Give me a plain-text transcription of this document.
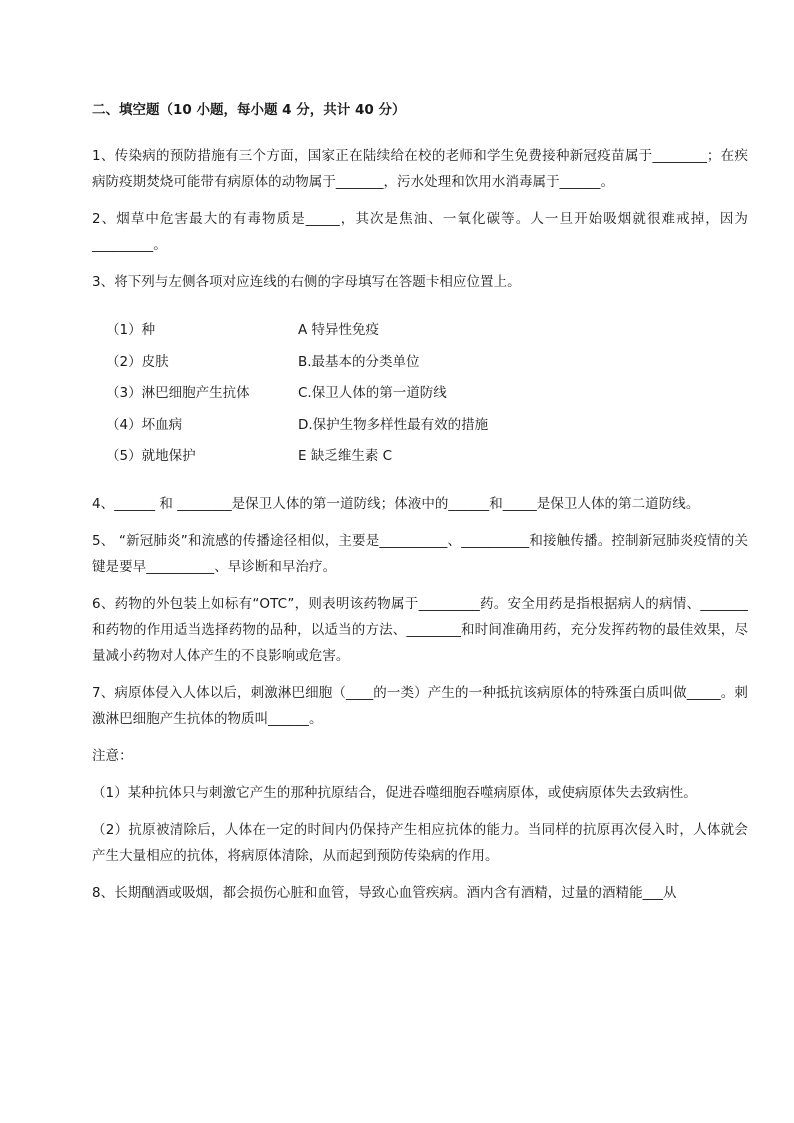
二、填空题（10 小题，每小题 4 分，共计 40 分）
1、传染病的预防措施有三个方面，国家正在陆续给在校的老师和学生免费接种新冠疫苗属于________；在疾病防疫期焚烧可能带有病原体的动物属于_______，污水处理和饮用水消毒属于______。
2、烟草中危害最大的有毒物质是_____，其次是焦油、一氧化碳等。人一旦开始吸烟就很难戒掉，因为_________。
3、将下列与左侧各项对应连线的右侧的字母填写在答题卡相应位置上。
（1）种	A 特异性免疫
（2）皮肤	B.最基本的分类单位
（3）淋巴细胞产生抗体	C.保卫人体的第一道防线
（4）坏血病	D.保护生物多样性最有效的措施
（5）就地保护	E 缺乏维生素 C
4、______ 和 ________是保卫人体的第一道防线；体液中的______和_____是保卫人体的第二道防线。
5、 “新冠肺炎”和流感的传播途径相似，主要是__________、__________和接触传播。控制新冠肺炎疫情的关键是要早__________、早诊断和早治疗。
6、药物的外包装上如标有“OTC”，则表明该药物属于_________药。安全用药是指根据病人的病情、_______和药物的作用适当选择药物的品种，以适当的方法、________和时间准确用药，充分发挥药物的最佳效果，尽量减小药物对人体产生的不良影响或危害。
7、病原体侵入人体以后，刺激淋巴细胞（____的一类）产生的一种抵抗该病原体的特殊蛋白质叫做_____。刺激淋巴细胞产生抗体的物质叫______。
注意：
（1）某种抗体只与刺激它产生的那种抗原结合，促进吞噬细胞吞噬病原体，或使病原体失去致病性。
（2）抗原被清除后，人体在一定的时间内仍保持产生相应抗体的能力。当同样的抗原再次侵入时，人体就会产生大量相应的抗体，将病原体清除，从而起到预防传染病的作用。
8、长期酗酒或吸烟，都会损伤心脏和血管，导致心血管疾病。酒内含有酒精，过量的酒精能___从
